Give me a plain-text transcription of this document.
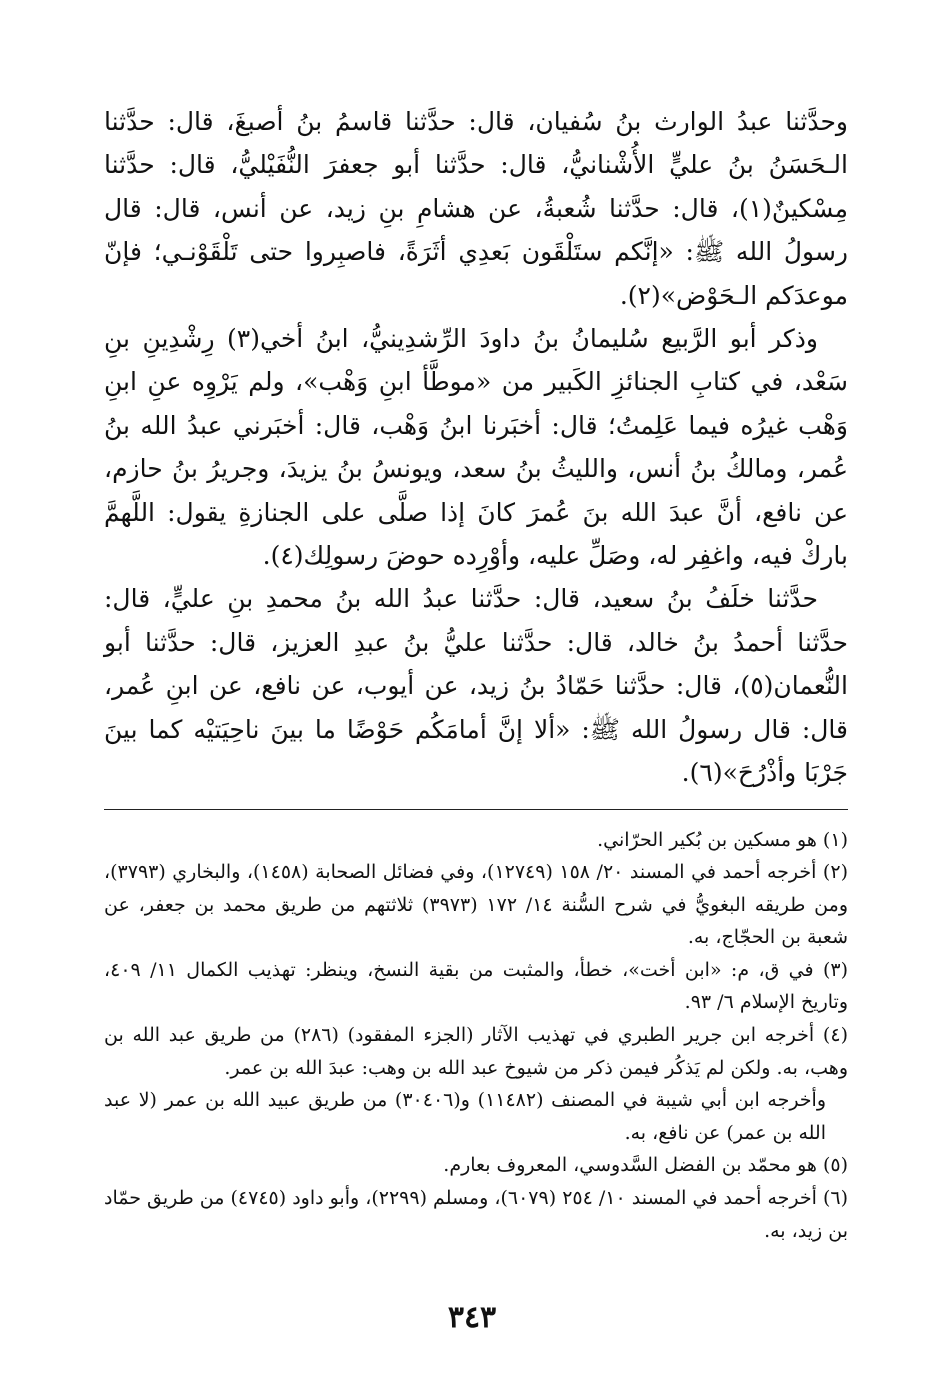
وحدَّثنا عبدُ الوارث بنُ سُفيان، قال: حدَّثنا قاسمُ بنُ أصبغَ، قال: حدَّثنا الـحَسَنُ بنُ عليٍّ الأُشْنانيُّ، قال: حدَّثنا أبو جعفرَ النُّفَيْليُّ، قال: حدَّثنا مِسْكينٌ(١)، قال: حدَّثنا شُعبةُ، عن هشامِ بنِ زيد، عن أنس، قال: قال رسولُ الله ﷺ: «إنَّكم ستَلْقَون بَعدِي أثَرَةً، فاصبِروا حتى تَلْقَوْنـي؛ فإنّ موعدَكم الـحَوْض»(٢).

وذكر أبو الرَّبيع سُليمانُ بنُ داودَ الرِّشدِينيُّ، ابنُ أخي(٣) رِشْدِينِ بنِ سَعْد، في كتابِ الجنائزِ الكَبير من «موطَّأ ابنِ وَهْب»، ولم يَرْوِه عنِ ابنِ وَهْب غيرُه فيما عَلِمتُ؛ قال: أخبَرنا ابنُ وَهْب، قال: أخبَرني عبدُ الله بنُ عُمر، ومالكُ بنُ أنس، والليثُ بنُ سعد، ويونسُ بنُ يزيدَ، وجريرُ بنُ حازم، عن نافع، أنَّ عبدَ الله بنَ عُمرَ كانَ إذا صلَّى على الجنازةِ يقول: اللَّهمَّ باركْ فيه، واغفِر له، وصَلِّ عليه، وأوْرِده حوضَ رسولِك(٤).

حدَّثنا خلَفُ بنُ سعيد، قال: حدَّثنا عبدُ الله بنُ محمدِ بنِ عليٍّ، قال: حدَّثنا أحمدُ بنُ خالد، قال: حدَّثنا عليُّ بنُ عبدِ العزيز، قال: حدَّثنا أبو النُّعمان(٥)، قال: حدَّثنا حَمّادُ بنُ زيد، عن أيوب، عن نافع، عن ابنِ عُمر، قال: قال رسولُ الله ﷺ: «ألا إنَّ أمامَكُم حَوْضًا ما بينَ ناحِيَتيْه كما بينَ جَرْبَا وأذْرُحَ»(٦).

(١) هو مسكين بن بُكير الحرّاني.

(٢) أخرجه أحمد في المسند ٢٠/ ١٥٨ (١٢٧٤٩)، وفي فضائل الصحابة (١٤٥٨)، والبخاري (٣٧٩٣)، ومن طريقه البغويُّ في شرح السُّنة ١٤/ ١٧٢ (٣٩٧٣) ثلاثتهم من طريق محمد بن جعفر، عن شعبة بن الحجّاج، به.

(٣) في ق، م: «ابن أخت»، خطأ، والمثبت من بقية النسخ، وينظر: تهذيب الكمال ١١/ ٤٠٩، وتاريخ الإسلام ٦/ ٩٣.

(٤) أخرجه ابن جرير الطبري في تهذيب الآثار (الجزء المفقود) (٢٨٦) من طريق عبد الله بن وهب، به. ولكن لم يَذكُر فيمن ذكر من شيوخ عبد الله بن وهب: عبدَ الله بن عمر.

وأخرجه ابن أبي شيبة في المصنف (١١٤٨٢) و(٣٠٤٠٦) من طريق عبيد الله بن عمر (لا عبد الله بن عمر) عن نافع، به.

(٥) هو محمّد بن الفضل السَّدوسي، المعروف بعارم.

(٦) أخرجه أحمد في المسند ١٠/ ٢٥٤ (٦٠٧٩)، ومسلم (٢٢٩٩)، وأبو داود (٤٧٤٥) من طريق حمّاد بن زيد، به.

٣٤٣
